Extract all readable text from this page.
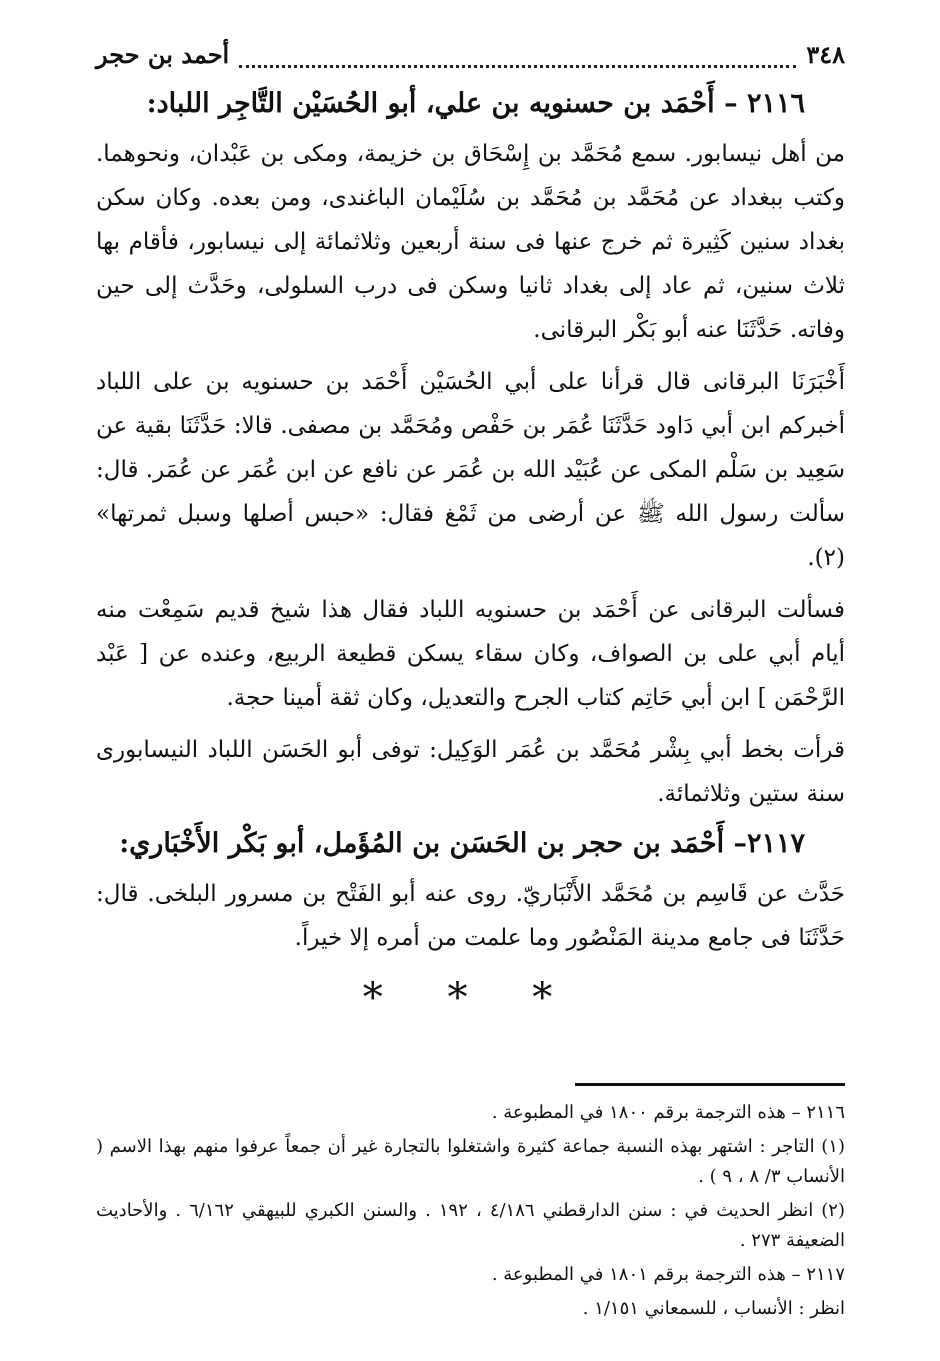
٣٤٨
أحمد بن حجر
٢١١٦ – أَحْمَد بن حسنويه بن علي، أبو الحُسَيْن التَّاجِر اللباد:

من أهل نيسابور. سمع مُحَمَّد بن إِسْحَاق بن خزيمة، ومكى بن عَبْدان، ونحوهما. وكتب ببغداد عن مُحَمَّد بن مُحَمَّد بن سُلَيْمان الباغندى، ومن بعده. وكان سكن بغداد سنين كَثِيرة ثم خرج عنها فى سنة أربعين وثلاثمائة إلى نيسابور، فأقام بها ثلاث سنين، ثم عاد إلى بغداد ثانيا وسكن فى درب السلولى، وحَدَّث إلى حين وفاته. حَدَّثَنَا عنه أبو بَكْر البرقانى.

أَخْبَرَنَا البرقانى قال قرأنا على أبي الحُسَيْن أَحْمَد بن حسنويه بن على اللباد أخبركم ابن أبي دَاود حَدَّثَنَا عُمَر بن حَفْص ومُحَمَّد بن مصفى. قالا: حَدَّثَنَا بقية عن سَعِيد بن سَلْم المكى عن عُبَيْد الله بن عُمَر عن نافع عن ابن عُمَر عن عُمَر. قال: سألت رسول الله ﷺ عن أرضى من ثَمْغ فقال: «حبس أصلها وسبل ثمرتها» (٢).

فسألت البرقانى عن أَحْمَد بن حسنويه اللباد فقال هذا شيخ قديم سَمِعْت منه أيام أبي على بن الصواف، وكان سقاء يسكن قطيعة الربيع، وعنده عن [ عَبْد الرَّحْمَن ] ابن أبي حَاتِم كتاب الجرح والتعديل، وكان ثقة أمينا حجة.

قرأت بخط أبي بِشْر مُحَمَّد بن عُمَر الوَكِيل: توفى أبو الحَسَن اللباد النيسابورى سنة ستين وثلاثمائة.

٢١١٧– أَحْمَد بن حجر بن الحَسَن بن المُؤَمل، أبو بَكْر الأَخْبَاري:

حَدَّث عن قَاسِم بن مُحَمَّد الأَنْبَاريّ. روى عنه أبو الفَتْح بن مسرور البلخى. قال: حَدَّثَنَا فى جامع مدينة المَنْصُور وما علمت من أمره إلا خيراً.

* * *

٢١١٦ – هذه الترجمة برقم ١٨٠٠ في المطبوعة .

(١) التاجر : اشتهر بهذه النسبة جماعة كثيرة واشتغلوا بالتجارة غير أن جمعاً عرفوا منهم بهذا الاسم ( الأنساب ٣/ ٨ ، ٩ ) .

(٢) انظر الحديث في : سنن الدارقطني ٤/١٨٦ ، ١٩٢ . والسنن الكبري للبيهقي ٦/١٦٢ . والأحاديث الضعيفة ٢٧٣ .

٢١١٧ – هذه الترجمة برقم ١٨٠١ في المطبوعة .

انظر : الأنساب ، للسمعاني ١/١٥١ .
